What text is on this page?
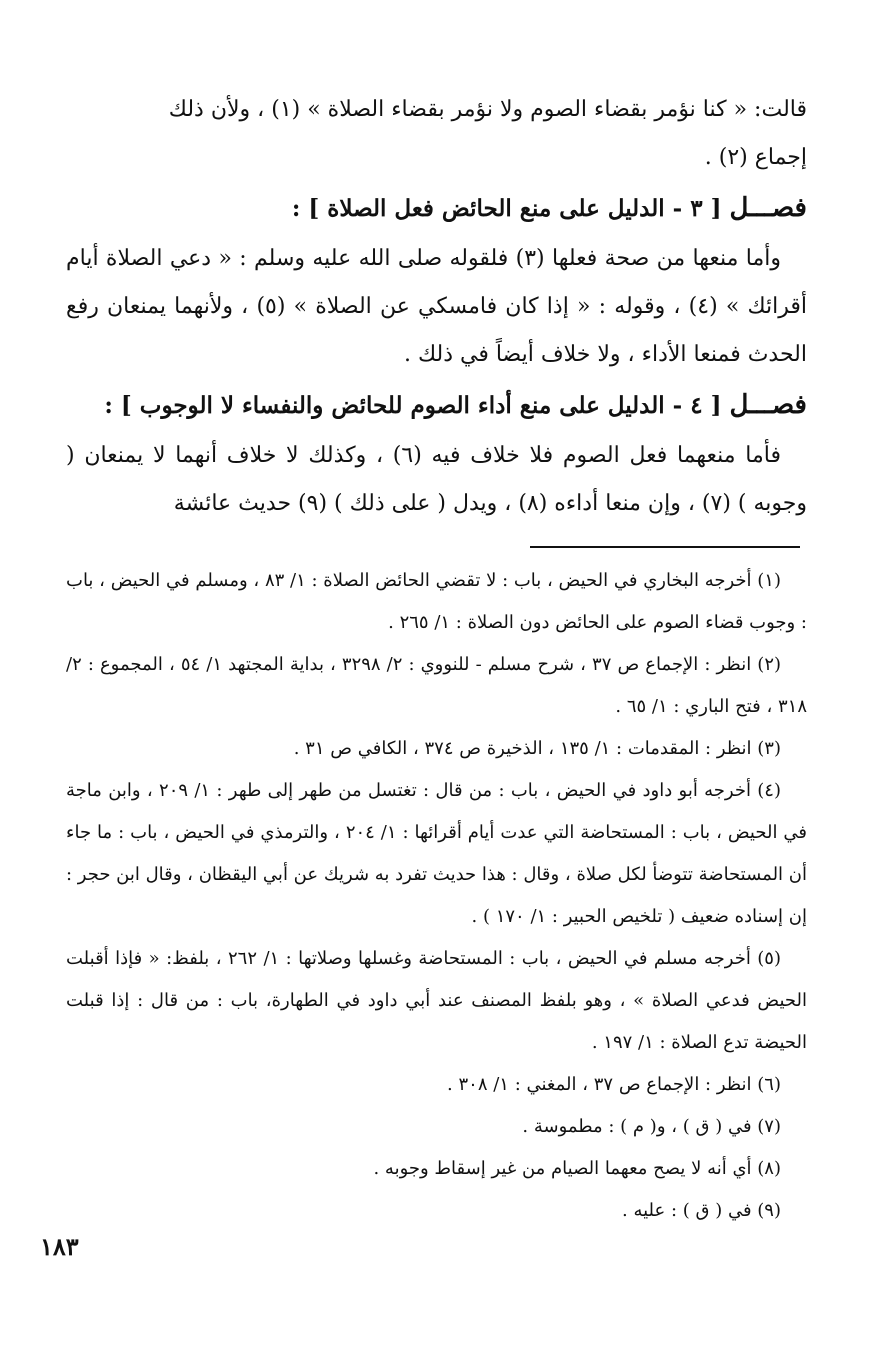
قالت: « كنا نؤمر بقضاء الصوم ولا نؤمر بقضاء الصلاة » (١) ، ولأن ذلك

إجماع (٢) .

فصـــل [ ٣ - الدليل على منع الحائض فعل الصلاة ] :

وأما منعها من صحة فعلها (٣) فلقوله صلى الله عليه وسلم : « دعي الصلاة أيام أقرائك » (٤) ، وقوله : « إذا كان فامسكي عن الصلاة » (٥) ، ولأنهما يمنعان رفع الحدث فمنعا الأداء ، ولا خلاف أيضاً في ذلك .

فصـــل [ ٤ - الدليل على منع أداء الصوم للحائض والنفساء لا الوجوب ] :

فأما منعهما فعل الصوم فلا خلاف فيه (٦) ، وكذلك لا خلاف أنهما لا يمنعان ( وجوبه ) (٧) ، وإن منعا أداءه (٨) ، ويدل ( على ذلك ) (٩) حديث عائشة

(١) أخرجه البخاري في الحيض ، باب : لا تقضي الحائض الصلاة : ١/ ٨٣ ، ومسلم في الحيض ، باب : وجوب قضاء الصوم على الحائض دون الصلاة : ١/ ٢٦٥ .

(٢) انظر : الإجماع ص ٣٧ ، شرح مسلم - للنووي : ٢/ ٣٢٩٨ ، بداية المجتهد ١/ ٥٤ ، المجموع : ٢/ ٣١٨ ، فتح الباري : ١/ ٦٥ .

(٣) انظر : المقدمات : ١/ ١٣٥ ، الذخيرة ص ٣٧٤ ، الكافي ص ٣١ .

(٤) أخرجه أبو داود في الحيض ، باب : من قال : تغتسل من طهر إلى طهر : ١/ ٢٠٩ ، وابن ماجة في الحيض ، باب : المستحاضة التي عدت أيام أقرائها : ١/ ٢٠٤ ، والترمذي في الحيض ، باب : ما جاء أن المستحاضة تتوضأ لكل صلاة ، وقال : هذا حديث تفرد به شريك عن أبي اليقظان ، وقال ابن حجر : إن إسناده ضعيف ( تلخيص الحبير : ١/ ١٧٠ ) .

(٥) أخرجه مسلم في الحيض ، باب : المستحاضة وغسلها وصلاتها : ١/ ٢٦٢ ، بلفظ: « فإذا أقبلت الحيض فدعي الصلاة » ، وهو بلفظ المصنف عند أبي داود في الطهارة، باب : من قال : إذا قبلت الحيضة تدع الصلاة : ١/ ١٩٧ .

(٦) انظر : الإجماع ص ٣٧ ، المغني : ١/ ٣٠٨ .

(٧) في ( ق ) ، و( م ) : مطموسة .

(٨) أي أنه لا يصح معهما الصيام من غير إسقاط وجوبه .

(٩) في ( ق ) : عليه .

١٨٣
